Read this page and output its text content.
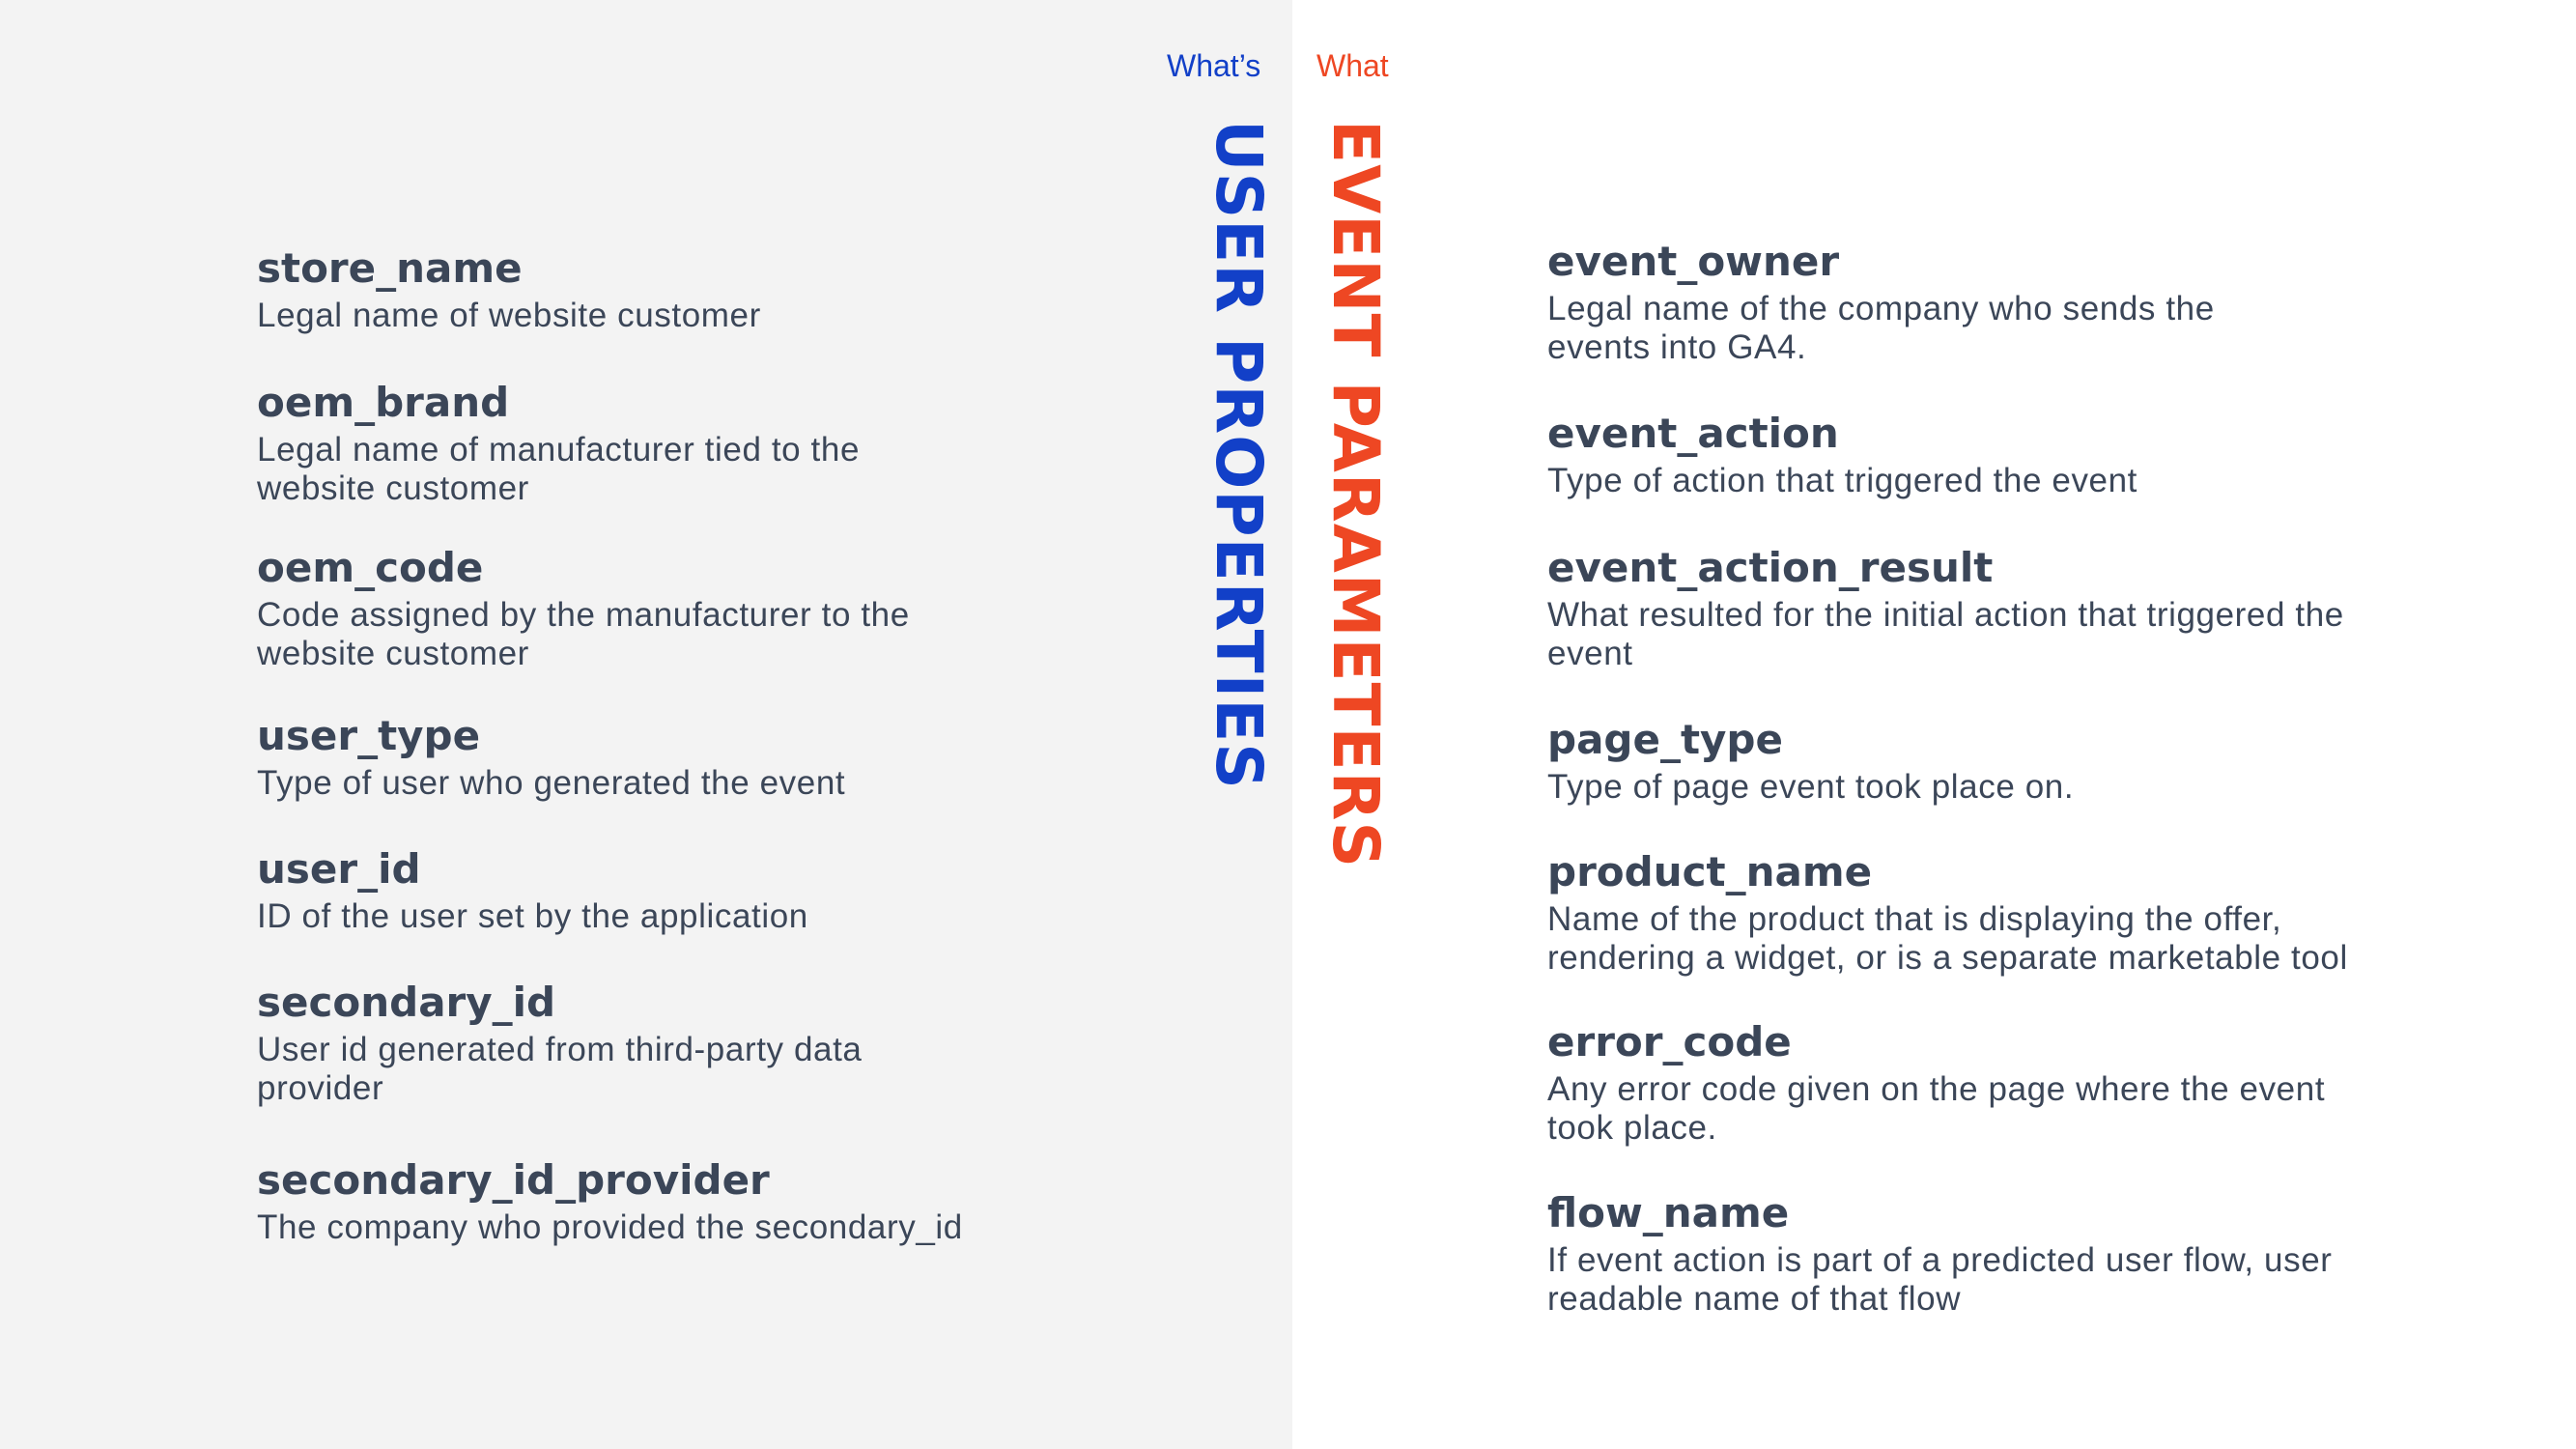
What’s What
USER PROPERTIES EVENT PARAMETERS
store_name
Legal name of website customer
oem_brand
Legal name of manufacturer tied to the website customer
oem_code
Code assigned by the manufacturer to the website customer
user_type
Type of user who generated the event
user_id
ID of the user set by the application
secondary_id
User id generated from third-party data provider
secondary_id_provider
The company who provided the secondary_id
event_owner
Legal name of the company who sends the events into GA4.
event_action
Type of action that triggered the event
event_action_result
What resulted for the initial action that triggered the event
page_type
Type of page event took place on.
product_name
Name of the product that is displaying the offer, rendering a widget, or is a separate marketable tool
error_code
Any error code given on the page where the event took place.
flow_name
If event action is part of a predicted user flow, user readable name of that flow
